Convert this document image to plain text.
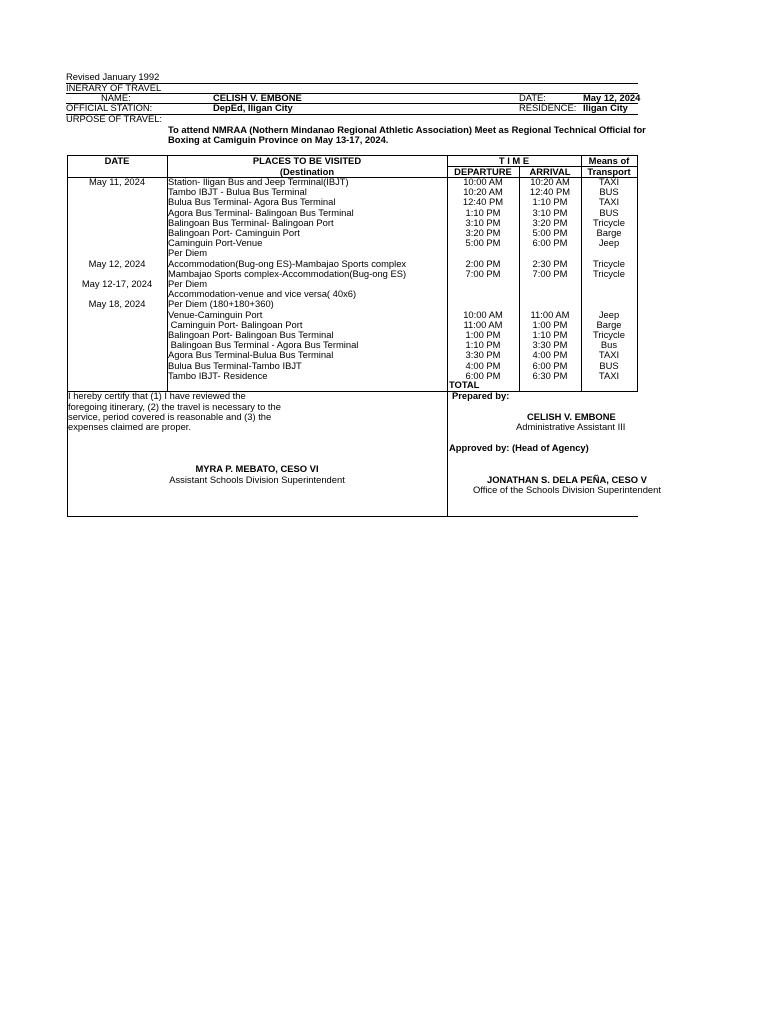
Revised January 1992
INERARY OF TRAVEL
NAME:	CELISH V. EMBONE	DATE:	May 12, 2024
OFFICIAL STATION:	DepEd, Iligan City	RESIDENCE: Iligan City
URPOSE OF TRAVEL:
To attend NMRAA (Nothern Mindanao Regional Athletic Association) Meet as Regional Technical Official for
Boxing at Camiguin Province on May 13-17, 2024.
DATE	PLACES TO BE VISITED
(Destination
T I M E
DEPARTURE	ARRIVAL
Means of
Transport
May 11, 2024	Station- Iligan Bus and Jeep Terminal(IBJT)	10:00 AM	10:20 AM	TAXI
Tambo IBJT - Bulua Bus Terminal	10:20 AM	12:40 PM	BUS
Bulua Bus Terminal- Agora Bus Terminal	12:40 PM	1:10 PM	TAXI
Agora Bus Terminal- Balingoan Bus Terminal	1:10 PM	3:10 PM	BUS
Balingoan Bus Terminal- Balingoan Port	3:10 PM	3:20 PM	Tricycle
Balingoan Port- Caminguin Port	3:20 PM	5:00 PM	Barge
Caminguin Port-Venue	5:00 PM	6:00 PM	Jeep
Per Diem
May 12, 2024	Accommodation(Bug-ong ES)-Mambajao Sports complex	2:00 PM	2:30 PM	Tricycle
Mambajao Sports complex-Accommodation(Bug-ong ES)	7:00 PM	7:00 PM	Tricycle
May 12-17, 2024	Per Diem
Accommodation-venue and vice versa( 40x6)
May 18, 2024	Per Diem (180+180+360)
Venue-Caminguin Port	10:00 AM	11:00 AM	Jeep
Caminguin Port- Balingoan Port	11:00 AM	1:00 PM	Barge
Balingoan Port- Balingoan Bus Terminal	1:00 PM	1:10 PM	Tricycle
Balingoan Bus Terminal - Agora Bus Terminal	1:10 PM	3:30 PM	Bus
Agora Bus Terminal-Bulua Bus Terminal	3:30 PM	4:00 PM	TAXI
Bulua Bus Terminal-Tambo IBJT	4:00 PM	6:00 PM	BUS
Tambo IBJT- Residence	6:00 PM	6:30 PM	TAXI
TOTAL
I hereby certify that (1) I have reviewed the
foregoing itinerary, (2) the travel is necessary to the
service, period covered is reasonable and (3) the
expenses claimed are proper.
MYRA P. MEBATO, CESO VI
Assistant Schools Division Superintendent
Prepared by:
CELISH V. EMBONE
Administrative Assistant III
Approved by: (Head of Agency)
JONATHAN S. DELA PEÑA, CESO V
Office of the Schools Division Superintendent
